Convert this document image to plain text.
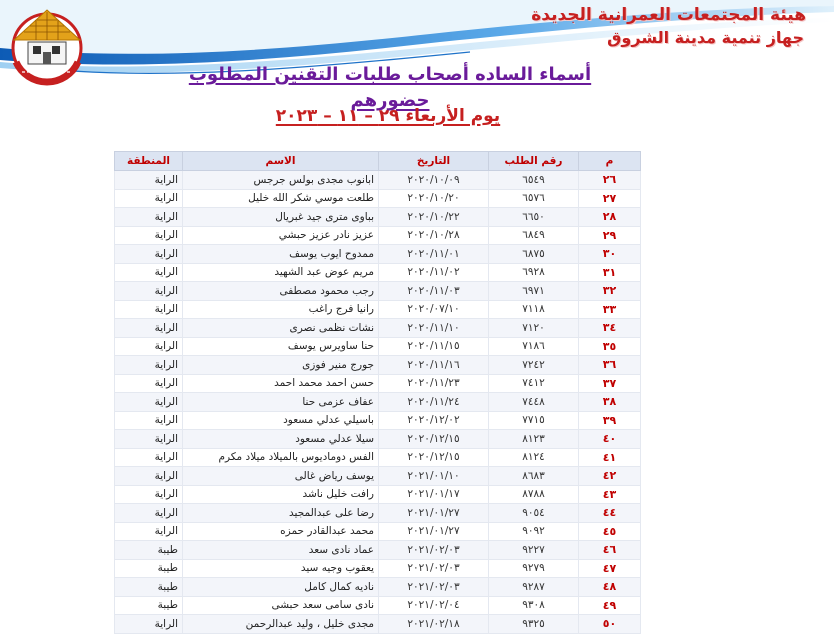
هيئة المجتمعات العمرانية الجديدة
جهاز تنمية مدينة الشروق
أسماء الساده أصحاب طلبات التقنين المطلوب حضورهم
يوم الأربعاء ٢٩ – ١١ – ٢٠٢٣
م	رقم الطلب	التاريخ	الاسم	المنطقة
٢٦	٦٥٤٩	٢٠٢٠/١٠/٠٩	ابانوب مجدى بولس جرجس	الراية
٢٧	٦٥٧٦	٢٠٢٠/١٠/٢٠	طلعت موسي شكر الله خليل	الراية
٢٨	٦٦٥٠	٢٠٢٠/١٠/٢٢	بباوى مترى جيد غبريال	الراية
٢٩	٦٨٤٩	٢٠٢٠/١٠/٢٨	عزيز نادر عزيز حبشي	الراية
٣٠	٦٨٧٥	٢٠٢٠/١١/٠١	ممدوح ايوب يوسف	الراية
٣١	٦٩٢٨	٢٠٢٠/١١/٠٢	مريم عوض عبد الشهيد	الراية
٣٢	٦٩٧١	٢٠٢٠/١١/٠٣	رجب محمود مصطفى	الراية
٣٣	٧١١٨	٢٠٢٠/٠٧/١٠	رانيا فرج راغب	الراية
٣٤	٧١٢٠	٢٠٢٠/١١/١٠	نشات نظمى نصرى	الراية
٣٥	٧١٨٦	٢٠٢٠/١١/١٥	حنا ساويرس يوسف	الراية
٣٦	٧٢٤٢	٢٠٢٠/١١/١٦	جورج منير فوزى	الراية
٣٧	٧٤١٢	٢٠٢٠/١١/٢٣	حسن احمد محمد احمد	الراية
٣٨	٧٤٤٨	٢٠٢٠/١١/٢٤	عفاف عزمى حنا	الراية
٣٩	٧٧١٥	٢٠٢٠/١٢/٠٢	باسيلي عدلي مسعود	الراية
٤٠	٨١٢٣	٢٠٢٠/١٢/١٥	سيلا عدلي مسعود	الراية
٤١	٨١٢٤	٢٠٢٠/١٢/١٥	الفس دوماديوس بالميلاد ميلاد مكرم	الراية
٤٢	٨٦٨٣	٢٠٢١/٠١/١٠	يوسف رياض غالى	الراية
٤٣	٨٧٨٨	٢٠٢١/٠١/١٧	رافت خليل ناشد	الراية
٤٤	٩٠٥٤	٢٠٢١/٠١/٢٧	رضا على عبدالمجيد	الراية
٤٥	٩٠٩٢	٢٠٢١/٠١/٢٧	محمد عبدالقادر حمزه	الراية
٤٦	٩٢٢٧	٢٠٢١/٠٢/٠٣	عماد نادى سعد	طيبة
٤٧	٩٢٧٩	٢٠٢١/٠٢/٠٣	يعقوب وجيه سيد	طيبة
٤٨	٩٢٨٧	٢٠٢١/٠٢/٠٣	ناديه كمال كامل	طيبة
٤٩	٩٣٠٨	٢٠٢١/٠٢/٠٤	نادى سامى سعد حبشى	طيبة
٥٠	٩٣٢٥	٢٠٢١/٠٢/١٨	مجدى خليل ، وليد عبدالرحمن	الراية
